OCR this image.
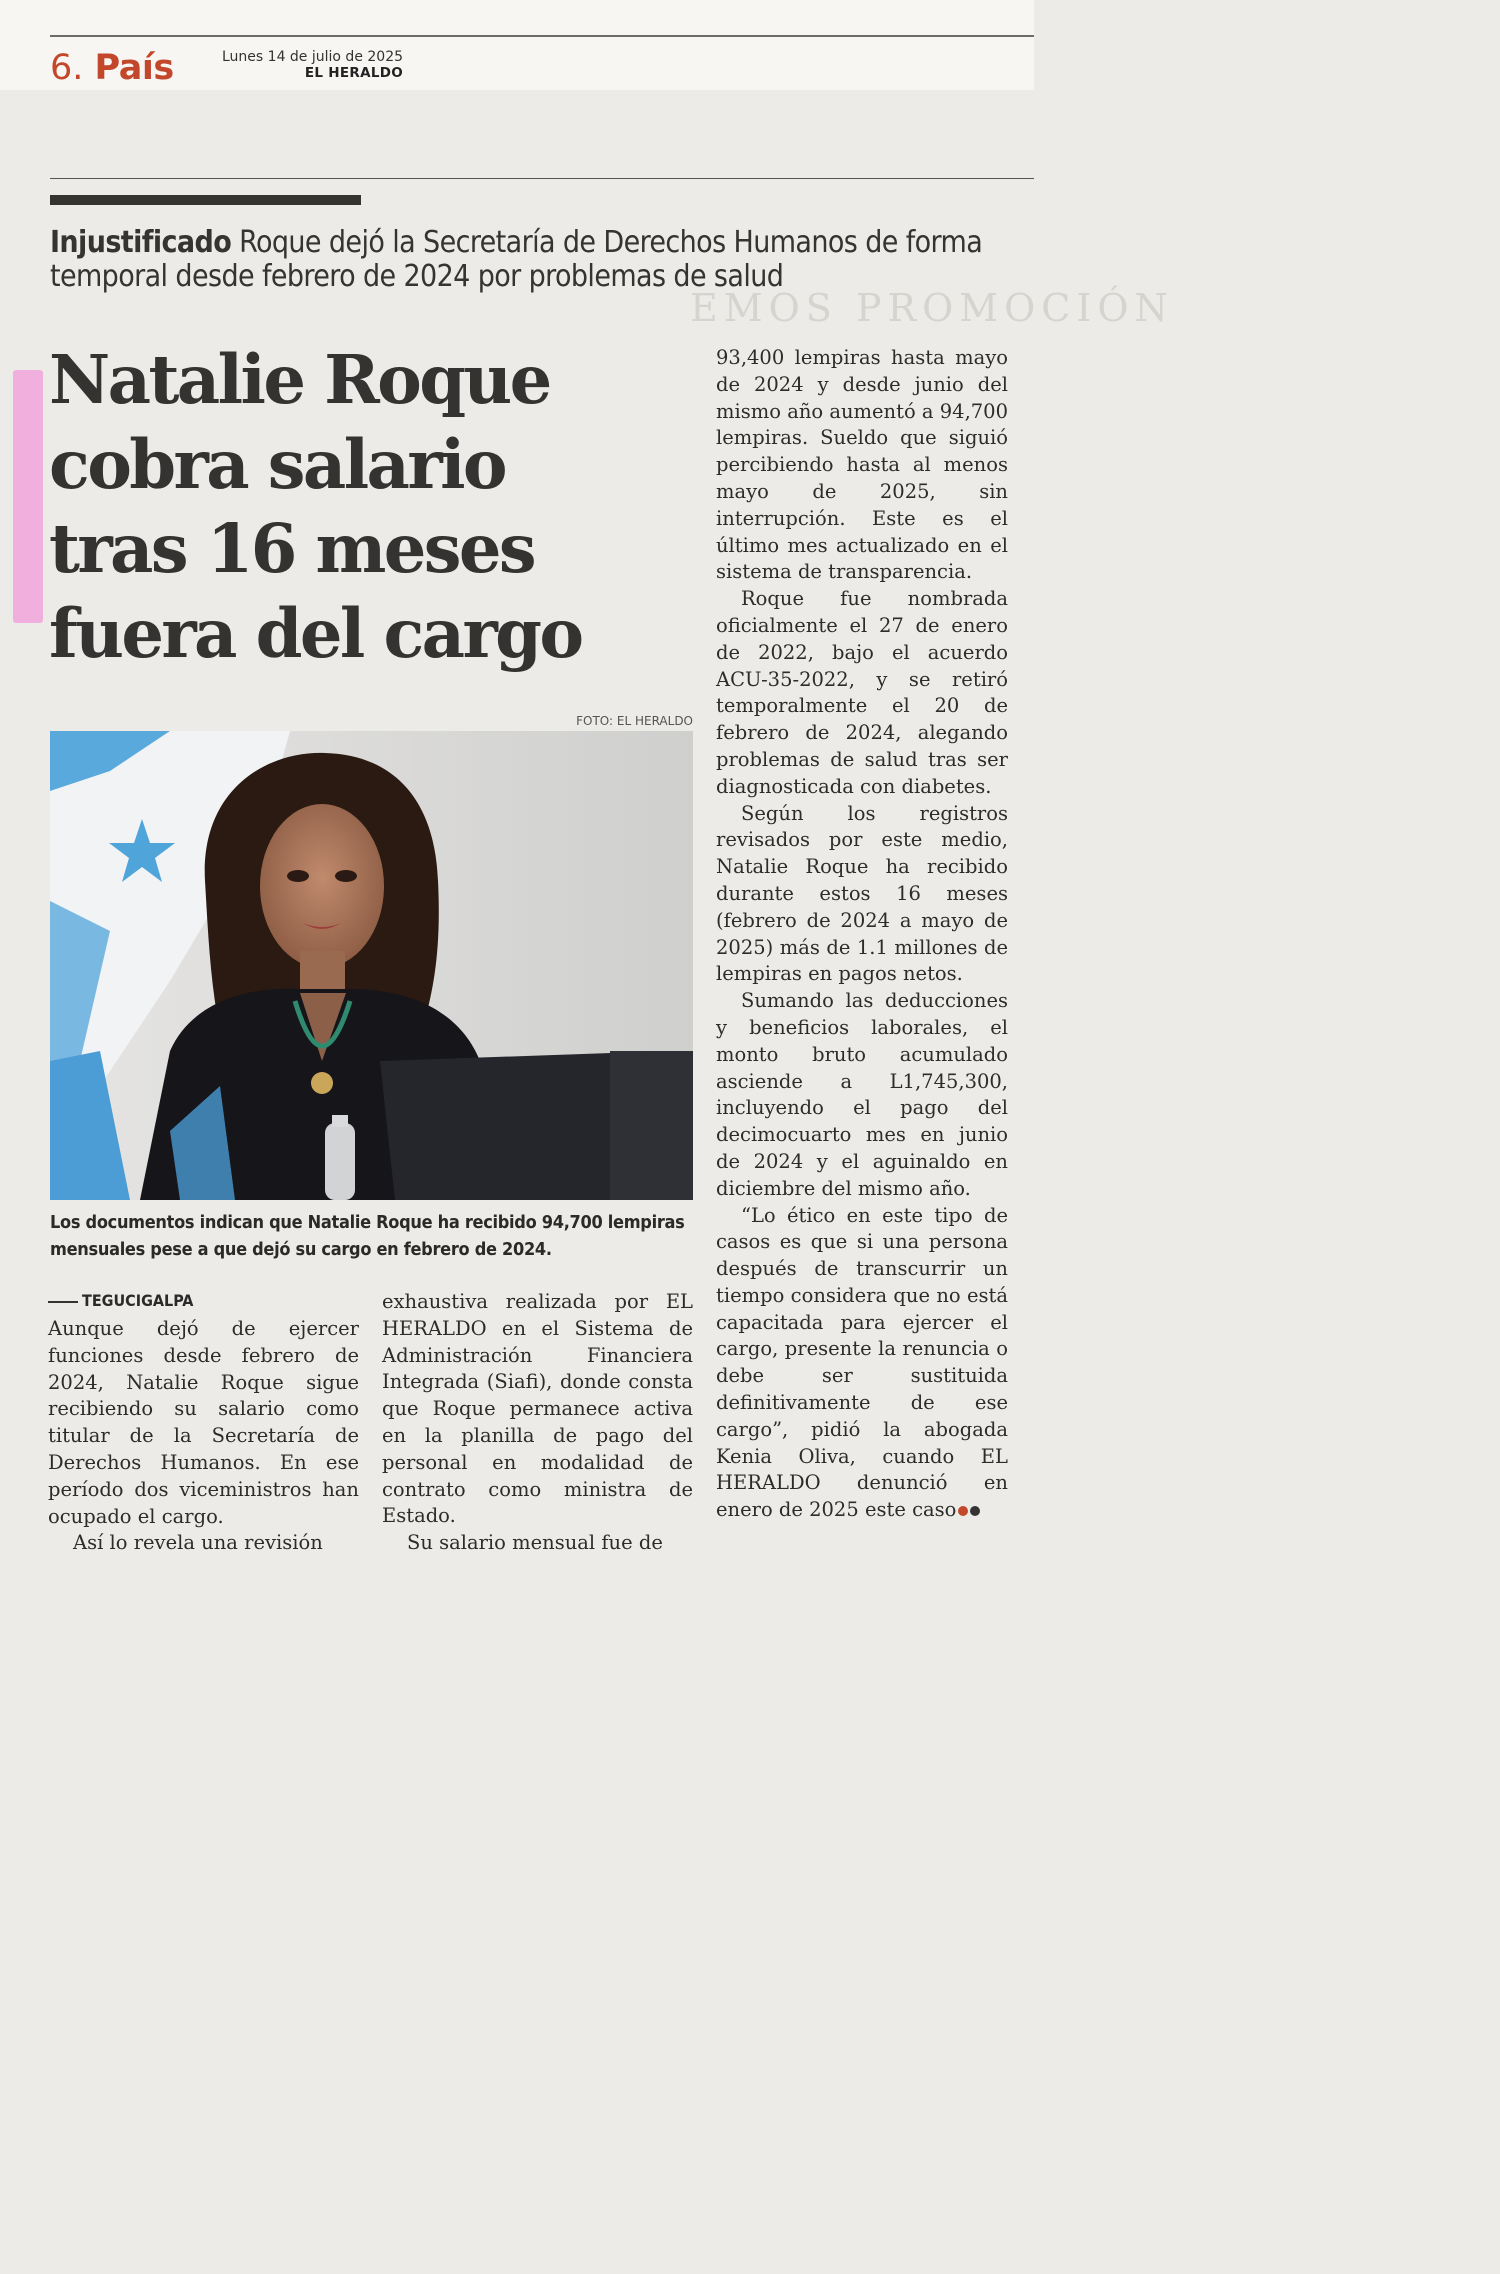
6. País	Lunes 14 de julio de 2025
EL HERALDO
Injustificado Roque dejó la Secretaría de Derechos Humanos de forma temporal desde febrero de 2024 por problemas de salud
EMOS PROMOCIÓN
Natalie Roque
cobra salario
tras 16 meses
fuera del cargo
FOTO: EL HERALDO
Los documentos indican que Natalie Roque ha recibido 94,700 lempiras mensuales pese a que dejó su cargo en febrero de 2024.
TEGUCIGALPA

Aunque dejó de ejercer funciones desde febrero de 2024, Natalie Roque sigue recibiendo su salario como titular de la Secretaría de Derechos Humanos. En ese período dos viceministros han ocupado el cargo.

Así lo revela una revisión

exhaustiva realizada por EL HERALDO en el Sistema de Administración Financiera Integrada (Siafi), donde consta que Roque permanece activa en la planilla de pago del personal en modalidad de contrato como ministra de Estado.

Su salario mensual fue de

93,400 lempiras hasta mayo de 2024 y desde junio del mismo año aumentó a 94,700 lempiras. Sueldo que siguió percibiendo hasta al menos mayo de 2025, sin interrupción. Este es el último mes actualizado en el sistema de transparencia.

Roque fue nombrada oficialmente el 27 de enero de 2022, bajo el acuerdo ACU-35-2022, y se retiró temporalmente el 20 de febrero de 2024, alegando problemas de salud tras ser diagnosticada con diabetes.

Según los registros revisados por este medio, Natalie Roque ha recibido durante estos 16 meses (febrero de 2024 a mayo de 2025) más de 1.1 millones de lempiras en pagos netos.

Sumando las deducciones y beneficios laborales, el monto bruto acumulado asciende a L1,745,300, incluyendo el pago del decimocuarto mes en junio de 2024 y el aguinaldo en diciembre del mismo año.

“Lo ético en este tipo de casos es que si una persona después de transcurrir un tiempo considera que no está capacitada para ejercer el cargo, presente la renuncia o debe ser sustituida definitivamente de ese cargo”, pidió la abogada Kenia Oliva, cuando EL HERALDO denunció en enero de 2025 este caso
